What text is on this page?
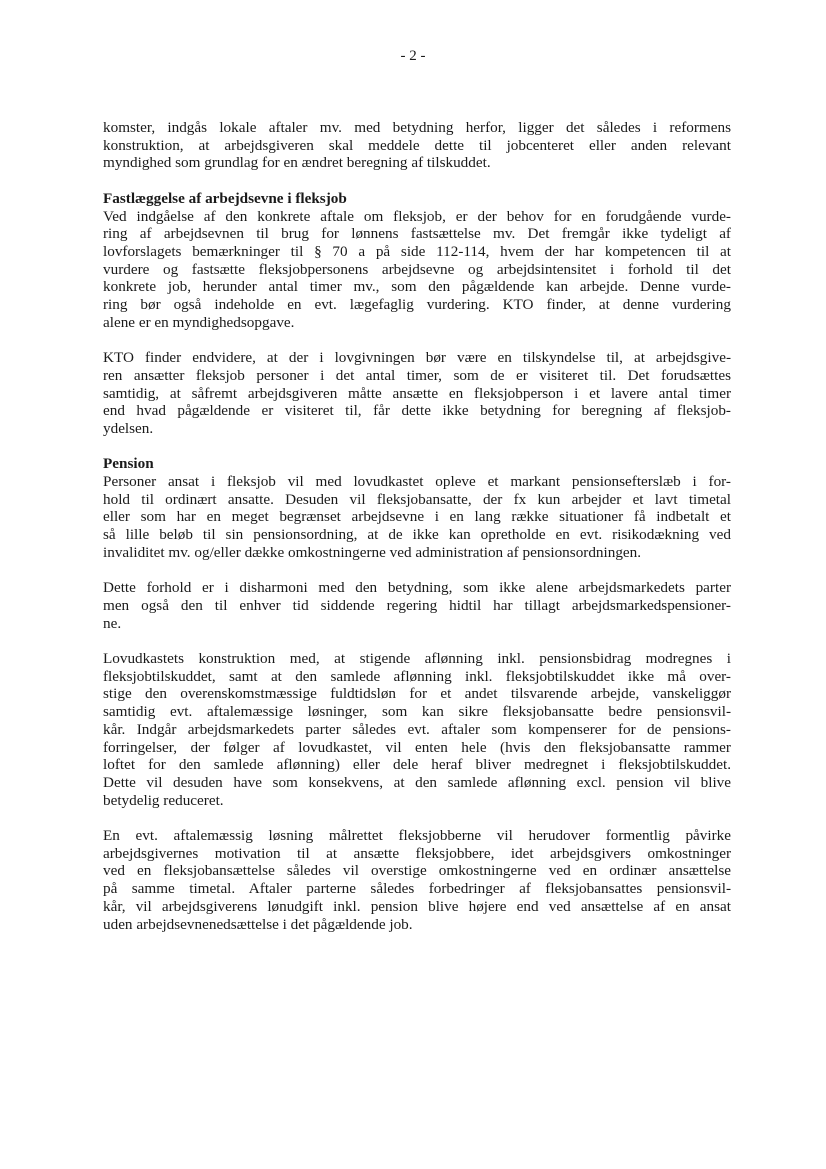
- 2 -
komster, indgås lokale aftaler mv. med betydning herfor, ligger det således i reformens
konstruktion, at arbejdsgiveren skal meddele dette til jobcenteret eller anden relevant
myndighed som grundlag for en ændret beregning af tilskuddet.
Fastlæggelse af arbejdsevne i fleksjob
Ved indgåelse af den konkrete aftale om fleksjob, er der behov for en forudgående vurde-
ring af arbejdsevnen til brug for lønnens fastsættelse mv. Det fremgår ikke tydeligt af
lovforslagets bemærkninger til § 70 a på side 112-114, hvem der har kompetencen til at
vurdere og fastsætte fleksjobpersonens arbejdsevne og arbejdsintensitet i forhold til det
konkrete job, herunder antal timer mv., som den pågældende kan arbejde. Denne vurde-
ring bør også indeholde en evt. lægefaglig vurdering. KTO finder, at denne vurdering
alene er en myndighedsopgave.
KTO finder endvidere, at der i lovgivningen bør være en tilskyndelse til, at arbejdsgive-
ren ansætter fleksjob personer i det antal timer, som de er visiteret til. Det forudsættes
samtidig, at såfremt arbejdsgiveren måtte ansætte en fleksjobperson i et lavere antal timer
end hvad pågældende er visiteret til, får dette ikke betydning for beregning af fleksjob-
ydelsen.
Pension
Personer ansat i fleksjob vil med lovudkastet opleve et markant pensionsefterslæb i for-
hold til ordinært ansatte. Desuden vil fleksjobansatte, der fx kun arbejder et lavt timetal
eller som har en meget begrænset arbejdsevne i en lang række situationer få indbetalt et
så lille beløb til sin pensionsordning, at de ikke kan opretholde en evt. risikodækning ved
invaliditet mv. og/eller dække omkostningerne ved administration af pensionsordningen.
Dette forhold er i disharmoni med den betydning, som ikke alene arbejdsmarkedets parter
men også den til enhver tid siddende regering hidtil har tillagt arbejdsmarkedspensioner-
ne.
Lovudkastets konstruktion med, at stigende aflønning inkl. pensionsbidrag modregnes i
fleksjobtilskuddet, samt at den samlede aflønning inkl. fleksjobtilskuddet ikke må over-
stige den overenskomstmæssige fuldtidsløn for et andet tilsvarende arbejde, vanskeliggør
samtidig evt. aftalemæssige løsninger, som kan sikre fleksjobansatte bedre pensionsvil-
kår. Indgår arbejdsmarkedets parter således evt. aftaler som kompenserer for de pensions-
forringelser, der følger af lovudkastet, vil enten hele (hvis den fleksjobansatte rammer
loftet for den samlede aflønning) eller dele heraf bliver medregnet i fleksjobtilskuddet.
Dette vil desuden have som konsekvens, at den samlede aflønning excl. pension vil blive
betydelig reduceret.
En evt. aftalemæssig løsning målrettet fleksjobberne vil herudover formentlig påvirke
arbejdsgivernes motivation til at ansætte fleksjobbere, idet arbejdsgivers omkostninger
ved en fleksjobansættelse således vil overstige omkostningerne ved en ordinær ansættelse
på samme timetal. Aftaler parterne således forbedringer af fleksjobansattes pensionsvil-
kår, vil arbejdsgiverens lønudgift inkl. pension blive højere end ved ansættelse af en ansat
uden arbejdsevnenedsættelse i det pågældende job.
